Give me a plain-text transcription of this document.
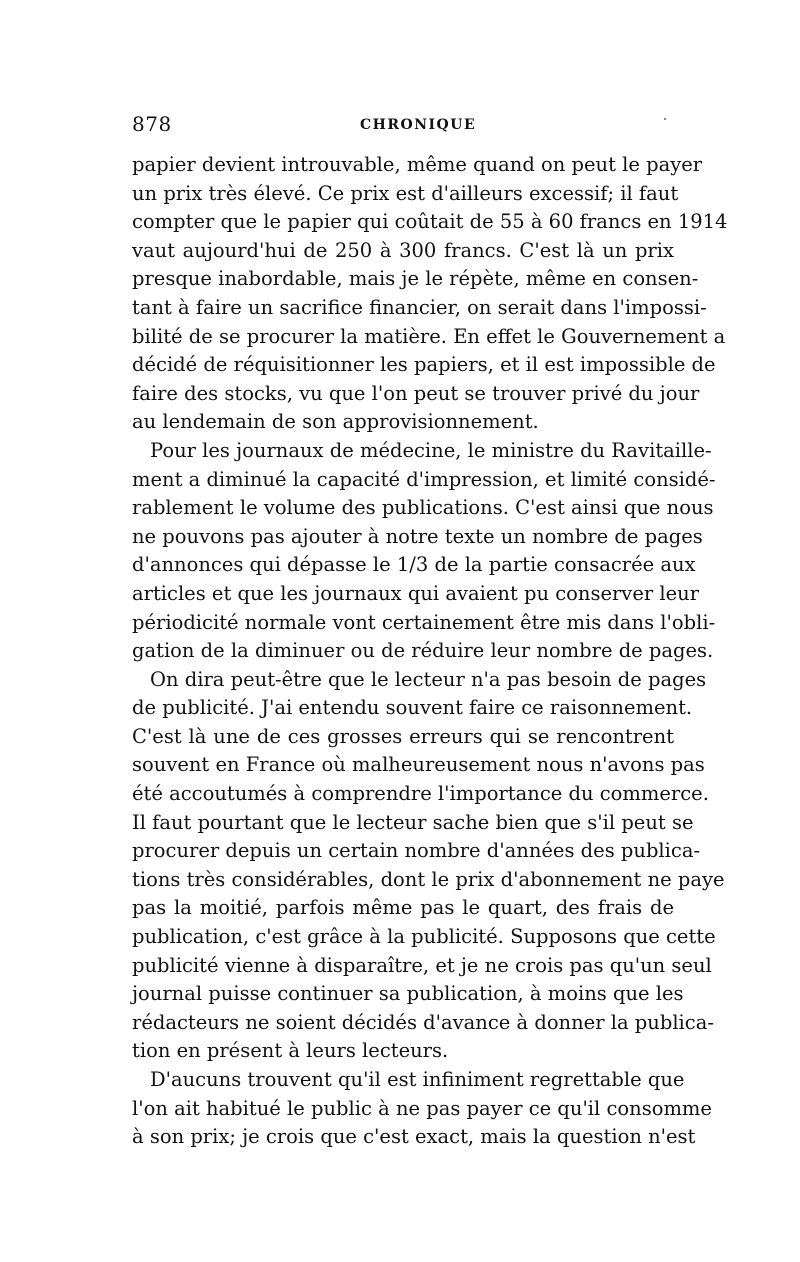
878	CHRONIQUE
papier devient introuvable, même quand on peut le payer
un prix très élevé. Ce prix est d'ailleurs excessif; il faut
compter que le papier qui coûtait de 55 à 60 francs en 1914
vaut aujourd'hui de 250 à 300 francs. C'est là un prix
presque inabordable, mais je le répète, même en consen-
tant à faire un sacrifice financier, on serait dans l'impossi-
bilité de se procurer la matière. En effet le Gouvernement a
décidé de réquisitionner les papiers, et il est impossible de
faire des stocks, vu que l'on peut se trouver privé du jour
au lendemain de son approvisionnement.
Pour les journaux de médecine, le ministre du Ravitaille-
ment a diminué la capacité d'impression, et limité considé-
rablement le volume des publications. C'est ainsi que nous
ne pouvons pas ajouter à notre texte un nombre de pages
d'annonces qui dépasse le 1/3 de la partie consacrée aux
articles et que les journaux qui avaient pu conserver leur
périodicité normale vont certainement être mis dans l'obli-
gation de la diminuer ou de réduire leur nombre de pages.
On dira peut-être que le lecteur n'a pas besoin de pages
de publicité. J'ai entendu souvent faire ce raisonnement.
C'est là une de ces grosses erreurs qui se rencontrent
souvent en France où malheureusement nous n'avons pas
été accoutumés à comprendre l'importance du commerce.
Il faut pourtant que le lecteur sache bien que s'il peut se
procurer depuis un certain nombre d'années des publica-
tions très considérables, dont le prix d'abonnement ne paye
pas la moitié, parfois même pas le quart, des frais de
publication, c'est grâce à la publicité. Supposons que cette
publicité vienne à disparaître, et je ne crois pas qu'un seul
journal puisse continuer sa publication, à moins que les
rédacteurs ne soient décidés d'avance à donner la publica-
tion en présent à leurs lecteurs.
D'aucuns trouvent qu'il est infiniment regrettable que
l'on ait habitué le public à ne pas payer ce qu'il consomme
à son prix; je crois que c'est exact, mais la question n'est
